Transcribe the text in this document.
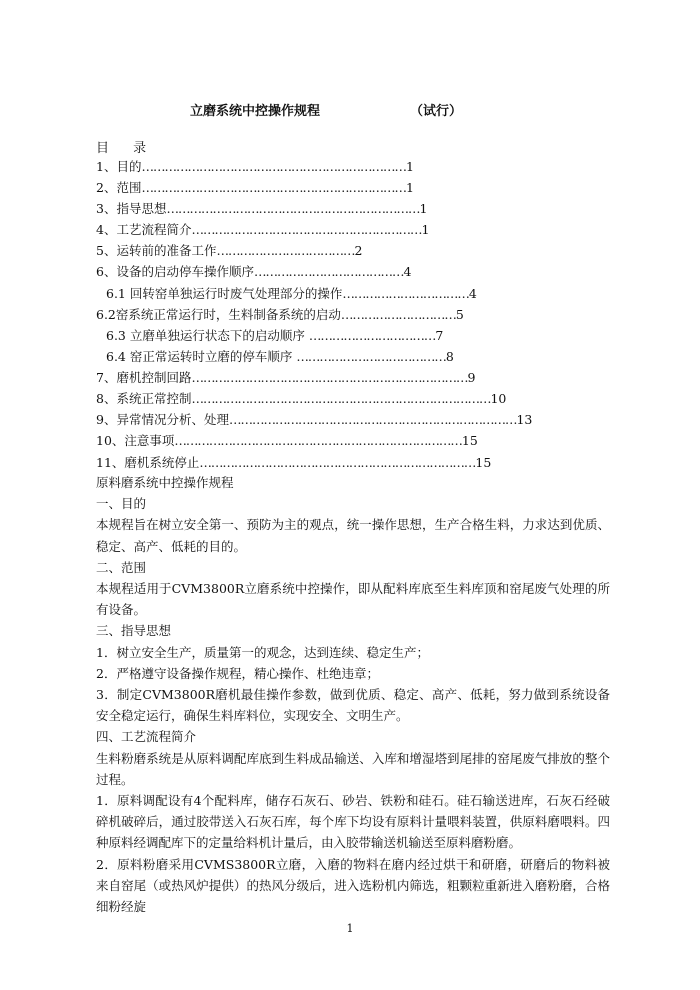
立磨系统中控操作规程	（试行）
目 录
1、目的……………………………………………………………1
2、范围……………………………………………………………1
3、指导思想…………………………………………………………1
4、工艺流程简介……………………………………………………1
5、运转前的准备工作………………………………2
6、设备的启动停车操作顺序…………………………………4
6.1 回转窑单独运行时废气处理部分的操作……………………………4
6.2窑系统正常运行时，生料制备系统的启动…………………………5
6.3 立磨单独运行状态下的启动顺序 ……………………………7
6.4 窑正常运转时立磨的停车顺序 …………………………………8
7、磨机控制回路………………………………………………………………9
8、系统正常控制……………………………………………………………………10
9、异常情况分析、处理…………………………………………………………………13
10、注意事项…………………………………………………………………15
11、磨机系统停止………………………………………………………………15

原料磨系统中控操作规程

一、目的

本规程旨在树立安全第一、预防为主的观点，统一操作思想，生产合格生料，力求达到优质、稳定、高产、低耗的目的。

二、范围

本规程适用于CVM3800R立磨系统中控操作，即从配料库底至生料库顶和窑尾废气处理的所有设备。

三、指导思想

1．树立安全生产，质量第一的观念，达到连续、稳定生产；

2．严格遵守设备操作规程，精心操作、杜绝违章；

3．制定CVM3800R磨机最佳操作参数，做到优质、稳定、高产、低耗，努力做到系统设备安全稳定运行，确保生料库料位，实现安全、文明生产。

四、工艺流程简介

生料粉磨系统是从原料调配库底到生料成品输送、入库和增湿塔到尾排的窑尾废气排放的整个过程。

1．原料调配设有4个配料库，储存石灰石、砂岩、铁粉和硅石。硅石输送进库，石灰石经破碎机破碎后，通过胶带送入石灰石库，每个库下均设有原料计量喂料装置，供原料磨喂料。四种原料经调配库下的定量给料机计量后，由入胶带输送机输送至原料磨粉磨。

2．原料粉磨采用CVMS3800R立磨，入磨的物料在磨内经过烘干和研磨，研磨后的物料被来自窑尾（或热风炉提供）的热风分级后，进入选粉机内筛选，粗颗粒重新进入磨粉磨，合格细粉经旋

1
